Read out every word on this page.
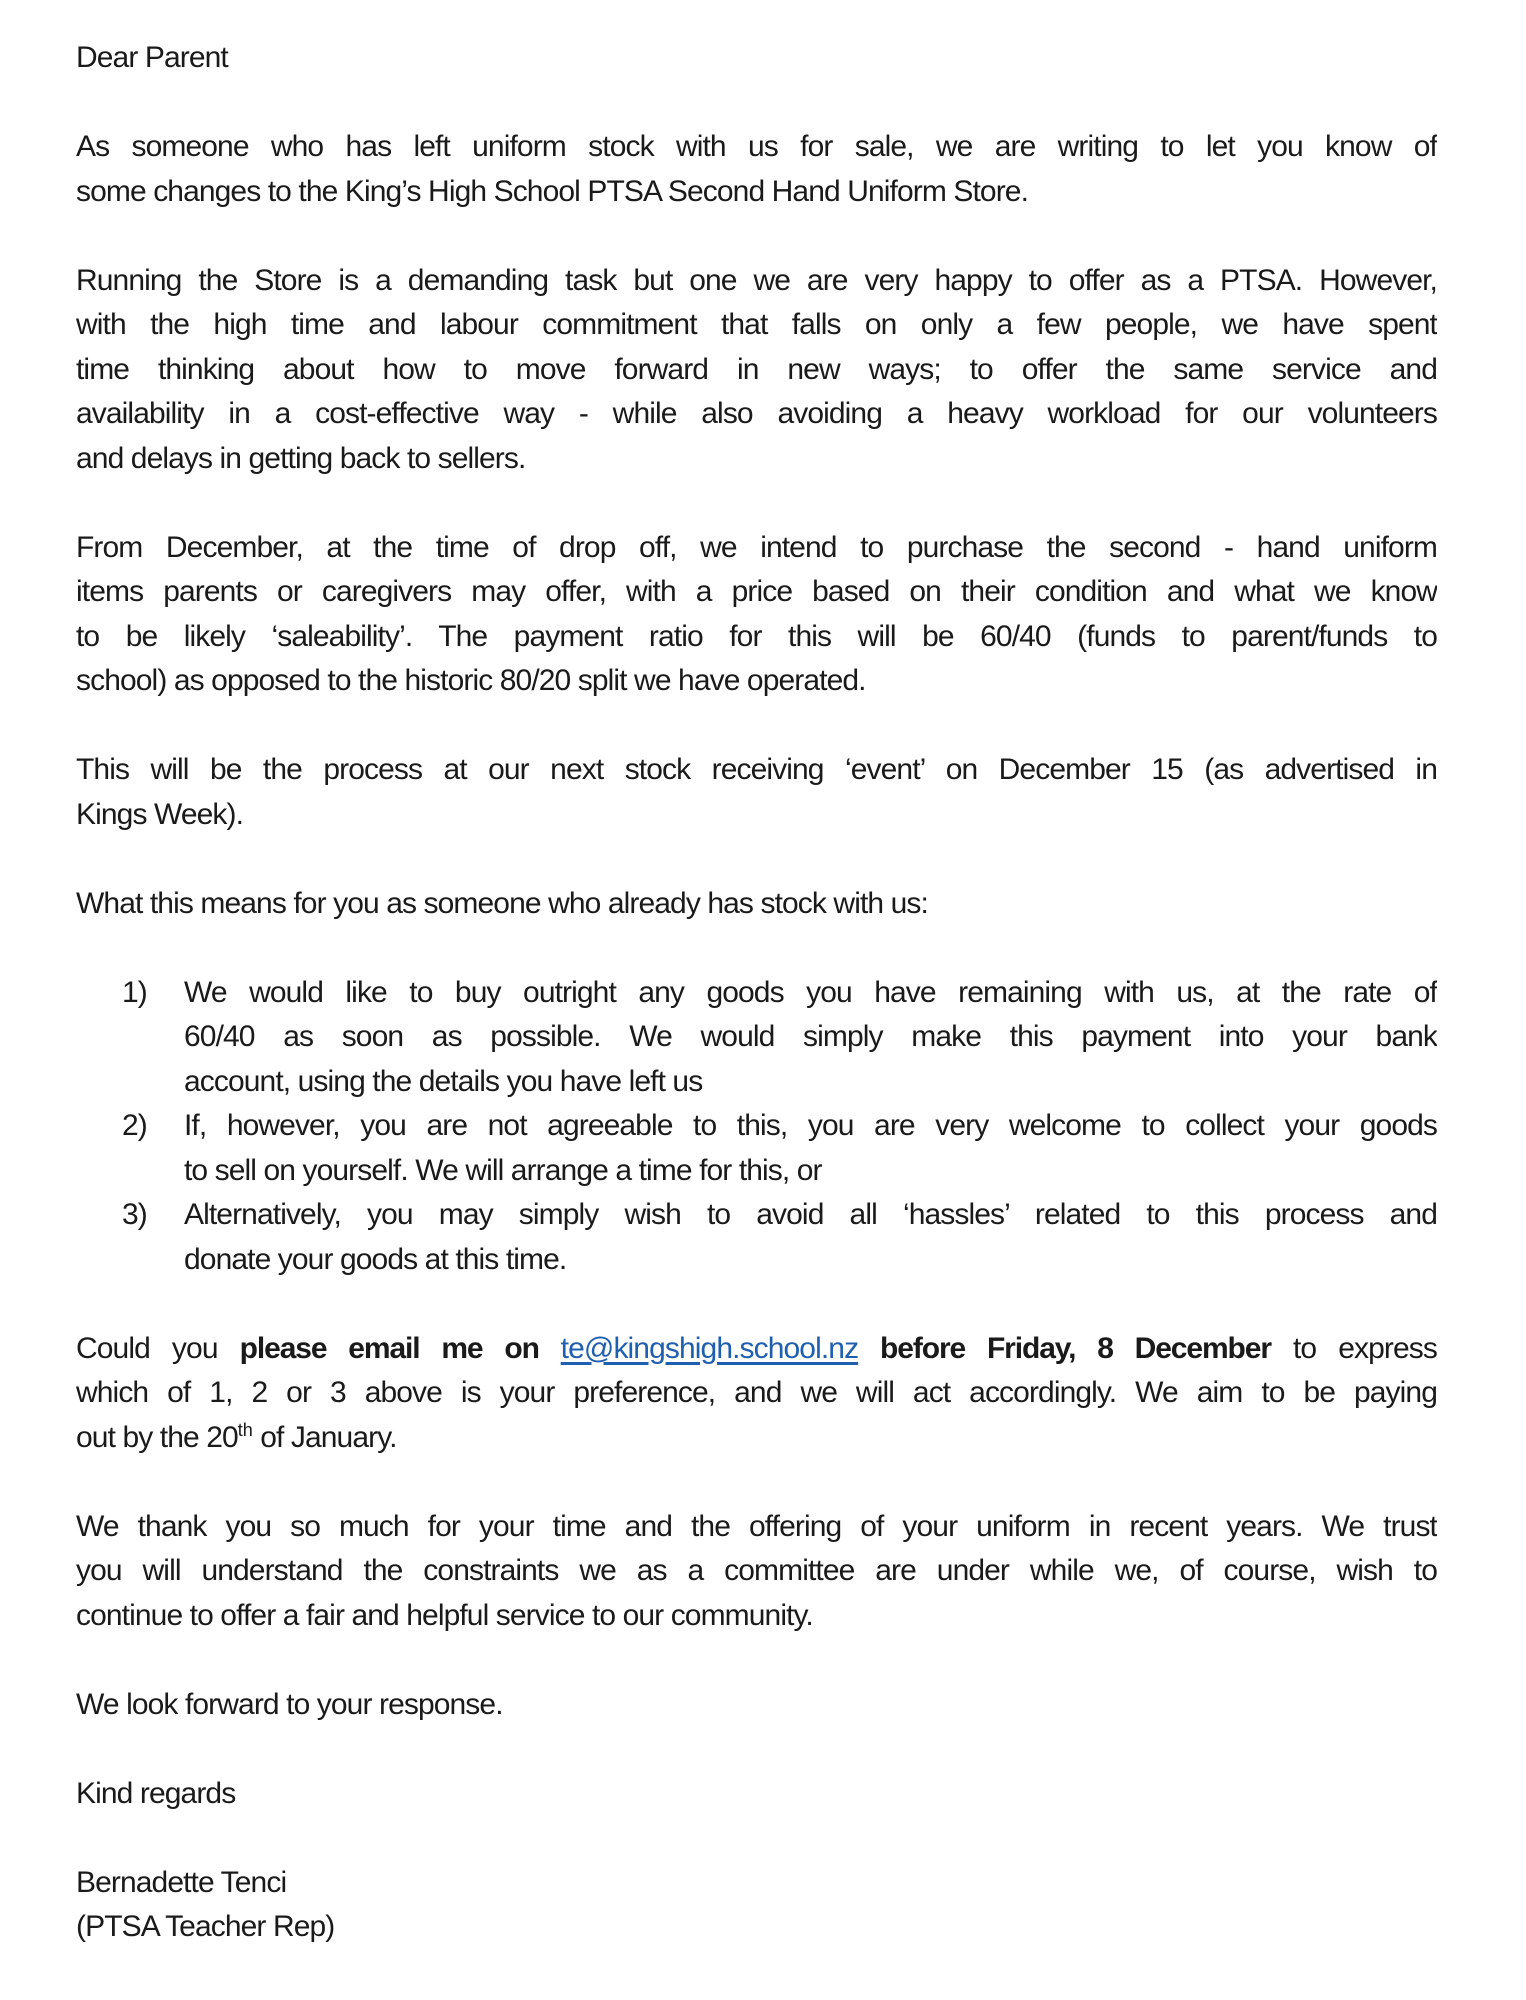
Dear Parent
As someone who has left uniform stock with us for sale, we are writing to let you know of
some changes to the King’s High School PTSA Second Hand Uniform Store.
Running the Store is a demanding task but one we are very happy to offer as a PTSA. However,
with the high time and labour commitment that falls on only a few people, we have spent
time thinking about how to move forward in new ways; to offer the same service and
availability in a cost-effective way - while also avoiding a heavy workload for our volunteers
and delays in getting back to sellers.
From December, at the time of drop off, we intend to purchase the second - hand uniform
items parents or caregivers may offer, with a price based on their condition and what we know
to be likely ‘saleability’. The payment ratio for this will be 60/40 (funds to parent/funds to
school) as opposed to the historic 80/20 split we have operated.
This will be the process at our next stock receiving ‘event’ on December 15 (as advertised in
Kings Week).
What this means for you as someone who already has stock with us:
1) We would like to buy outright any goods you have remaining with us, at the rate of
60/40 as soon as possible. We would simply make this payment into your bank
account, using the details you have left us
2) If, however, you are not agreeable to this, you are very welcome to collect your goods
to sell on yourself. We will arrange a time for this, or
3) Alternatively, you may simply wish to avoid all ‘hassles’ related to this process and
donate your goods at this time.
Could you please email me on te@kingshigh.school.nz before Friday, 8 December to express
which of 1, 2 or 3 above is your preference, and we will act accordingly. We aim to be paying
out by the 20th of January.
We thank you so much for your time and the offering of your uniform in recent years. We trust
you will understand the constraints we as a committee are under while we, of course, wish to
continue to offer a fair and helpful service to our community.
We look forward to your response.
Kind regards
Bernadette Tenci
(PTSA Teacher Rep)
